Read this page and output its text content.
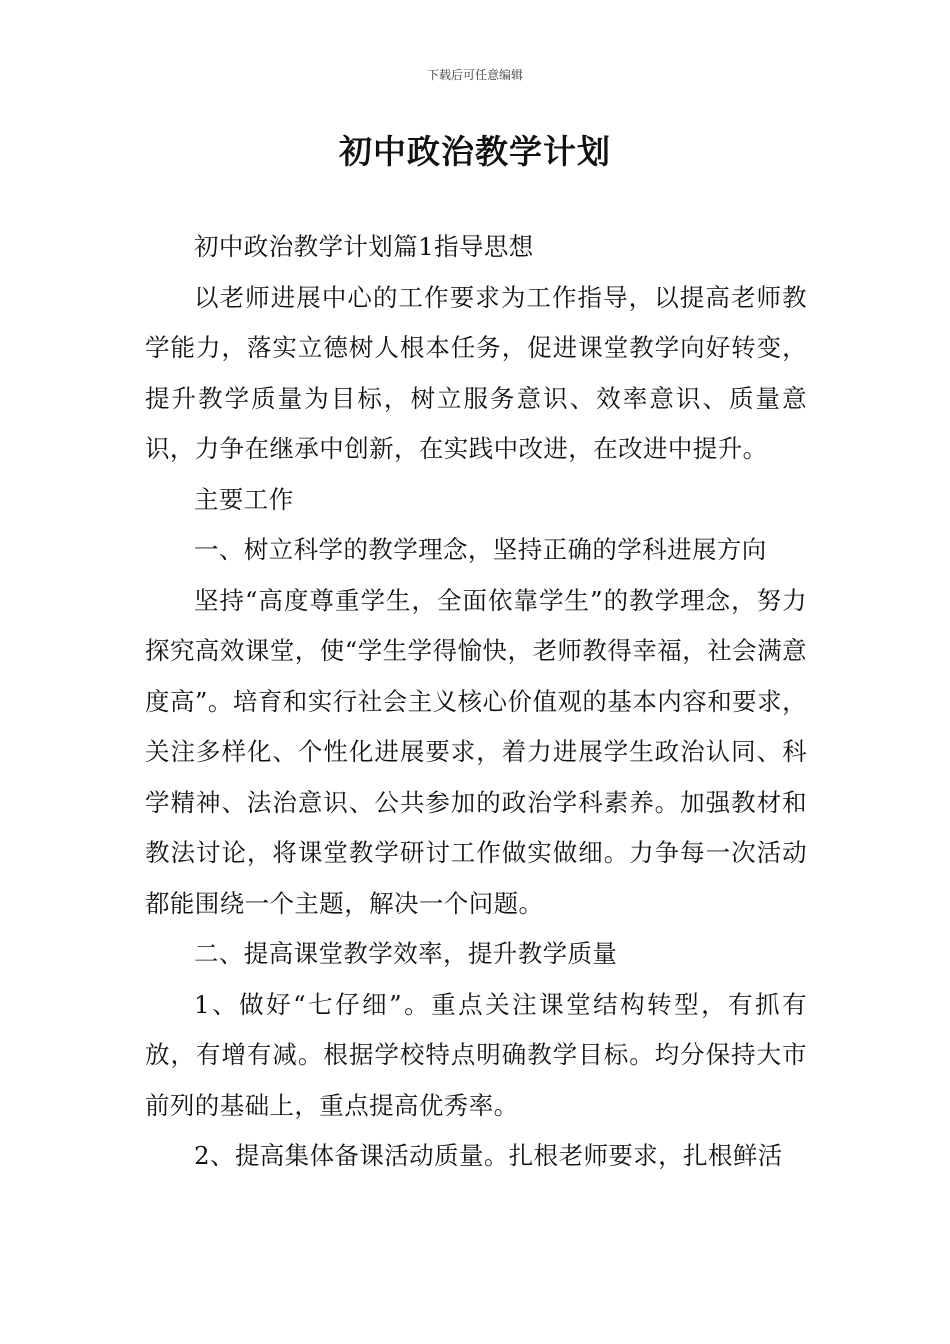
下载后可任意编辑
初中政治教学计划

初中政治教学计划篇1指导思想

以老师进展中心的工作要求为工作指导，以提高老师教学能力，落实立德树人根本任务，促进课堂教学向好转变，提升教学质量为目标，树立服务意识、效率意识、质量意识，力争在继承中创新，在实践中改进，在改进中提升。

主要工作

一、树立科学的教学理念，坚持正确的学科进展方向

坚持“高度尊重学生，全面依靠学生”的教学理念，努力探究高效课堂，使“学生学得愉快，老师教得幸福，社会满意度高”。培育和实行社会主义核心价值观的基本内容和要求，关注多样化、个性化进展要求，着力进展学生政治认同、科学精神、法治意识、公共参加的政治学科素养。加强教材和教法讨论，将课堂教学研讨工作做实做细。力争每一次活动都能围绕一个主题，解决一个问题。

二、提高课堂教学效率，提升教学质量

1、做好“七仔细”。重点关注课堂结构转型，有抓有放，有增有减。根据学校特点明确教学目标。均分保持大市前列的基础上，重点提高优秀率。

2、提高集体备课活动质量。扎根老师要求，扎根鲜活
